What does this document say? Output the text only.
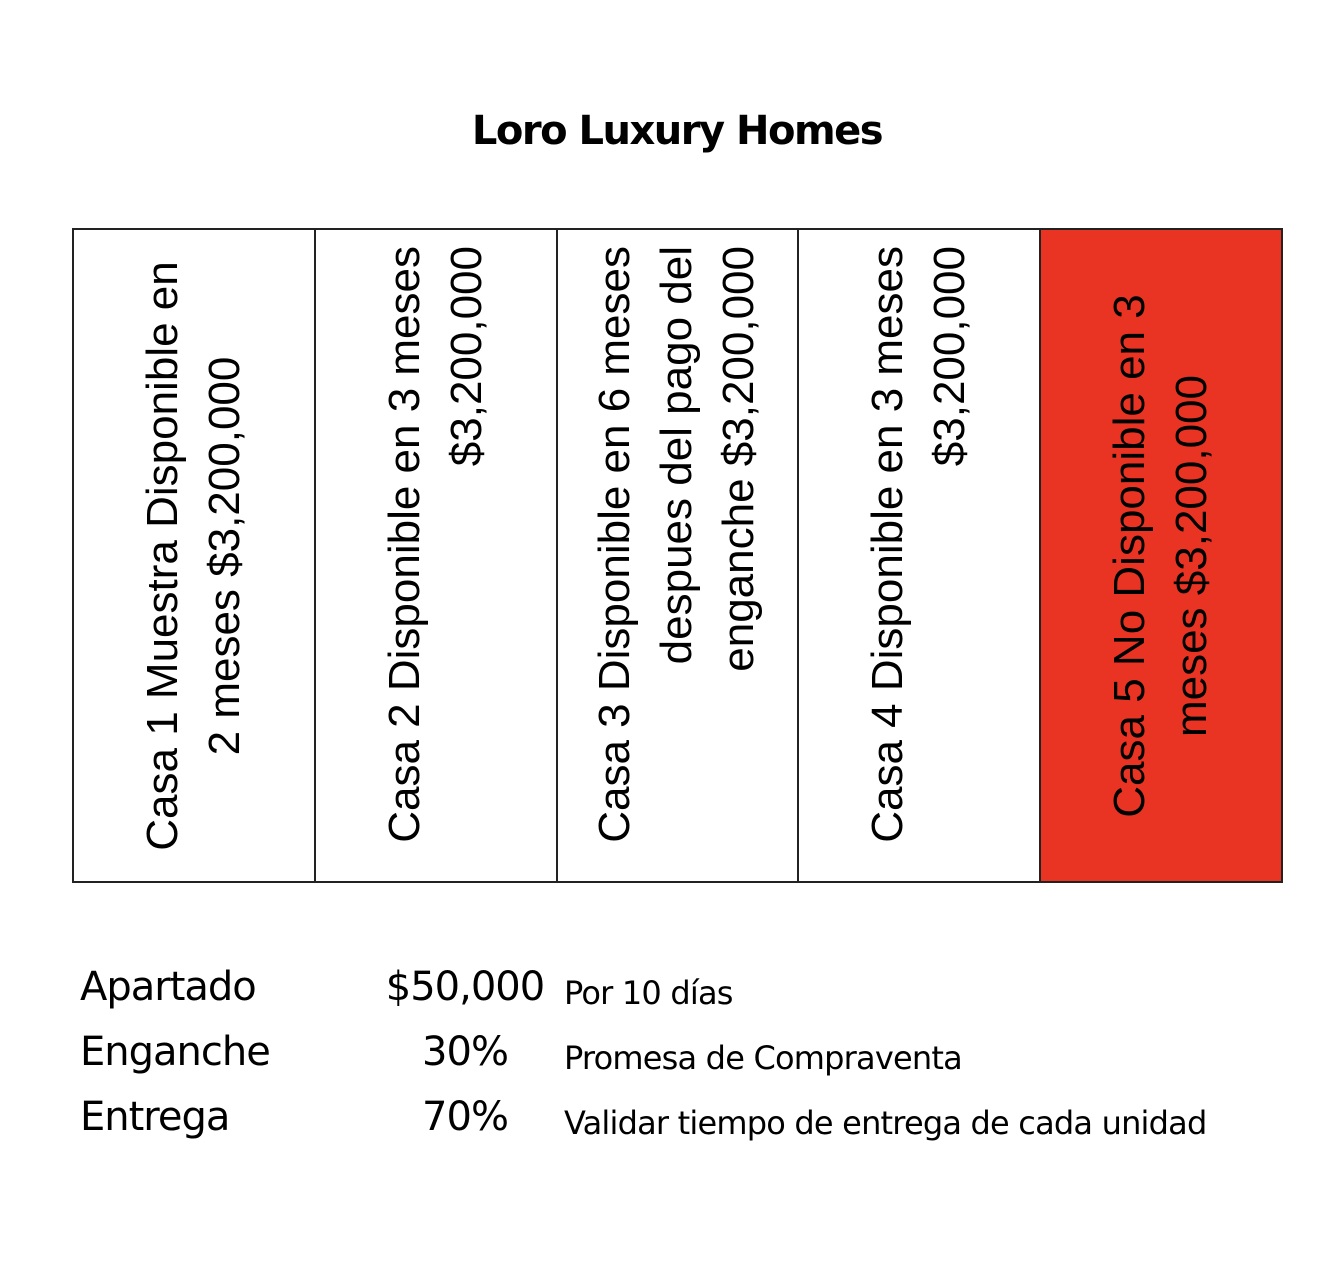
Loro Luxury Homes
Casa 1 Muestra Disponible en 2 meses $3,200,000	Casa 2 Disponible en 3 meses $3,200,000 Casa 3 Disponible en 6 meses despues del pago del enganche $3,200,000 Casa 4 Disponible en 3 meses $3,200,000	Casa 5 No Disponible en 3 meses $3,200,000
Apartado	$50,000 Por 10 días
Enganche	30%	Promesa de Compraventa
Entrega	70%	Validar tiempo de entrega de cada unidad
